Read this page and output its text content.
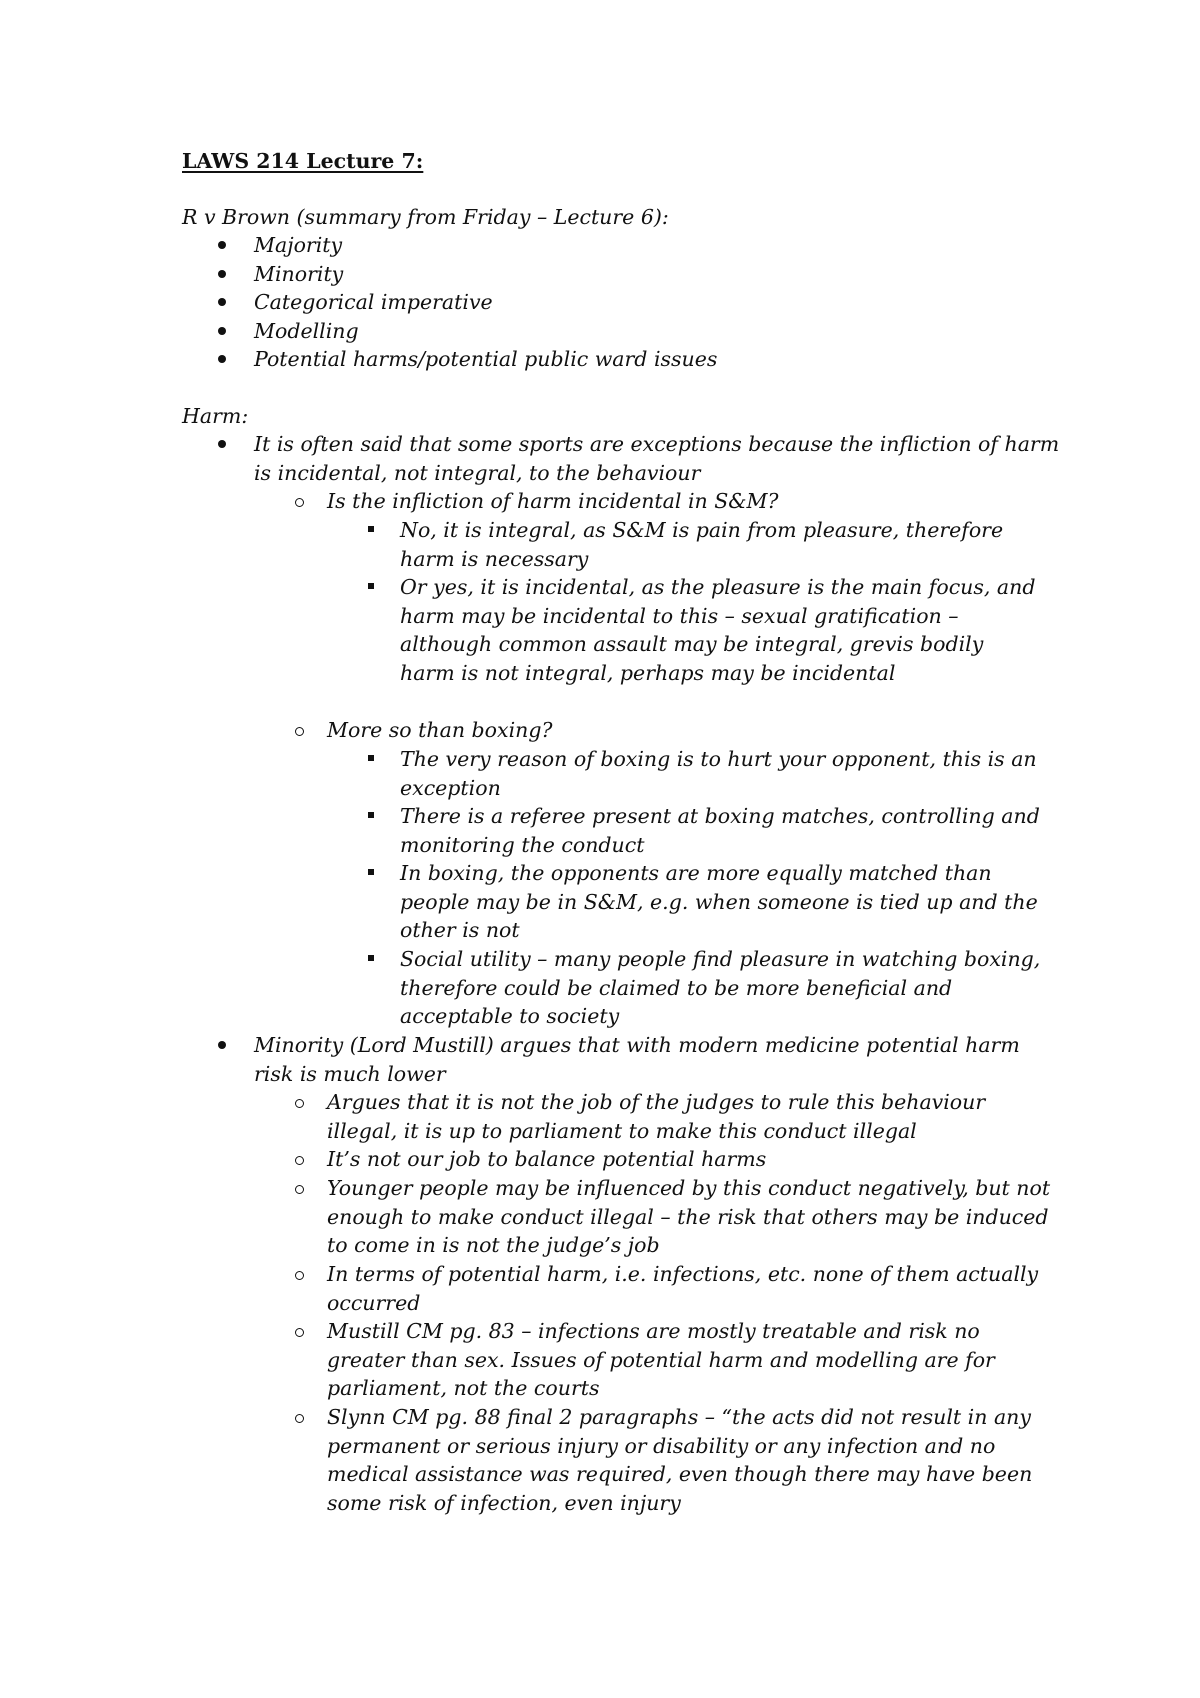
LAWS 214 Lecture 7:
R v Brown (summary from Friday – Lecture 6):
Majority
Minority
Categorical imperative
Modelling
Potential harms/potential public ward issues
Harm:
It is often said that some sports are exceptions because the infliction of harm
is incidental, not integral, to the behaviour
Is the infliction of harm incidental in S&M?
No, it is integral, as S&M is pain from pleasure, therefore
harm is necessary
Or yes, it is incidental, as the pleasure is the main focus, and
harm may be incidental to this – sexual gratification –
although common assault may be integral, grevis bodily
harm is not integral, perhaps may be incidental
More so than boxing?
The very reason of boxing is to hurt your opponent, this is an
exception
There is a referee present at boxing matches, controlling and
monitoring the conduct
In boxing, the opponents are more equally matched than
people may be in S&M, e.g. when someone is tied up and the
other is not
Social utility – many people find pleasure in watching boxing,
therefore could be claimed to be more beneficial and
acceptable to society
Minority (Lord Mustill) argues that with modern medicine potential harm
risk is much lower
Argues that it is not the job of the judges to rule this behaviour
illegal, it is up to parliament to make this conduct illegal
It’s not our job to balance potential harms
Younger people may be influenced by this conduct negatively, but not
enough to make conduct illegal – the risk that others may be induced
to come in is not the judge’s job
In terms of potential harm, i.e. infections, etc. none of them actually
occurred
Mustill CM pg. 83 – infections are mostly treatable and risk no
greater than sex. Issues of potential harm and modelling are for
parliament, not the courts
Slynn CM pg. 88 final 2 paragraphs – “the acts did not result in any
permanent or serious injury or disability or any infection and no
medical assistance was required, even though there may have been
some risk of infection, even injury
